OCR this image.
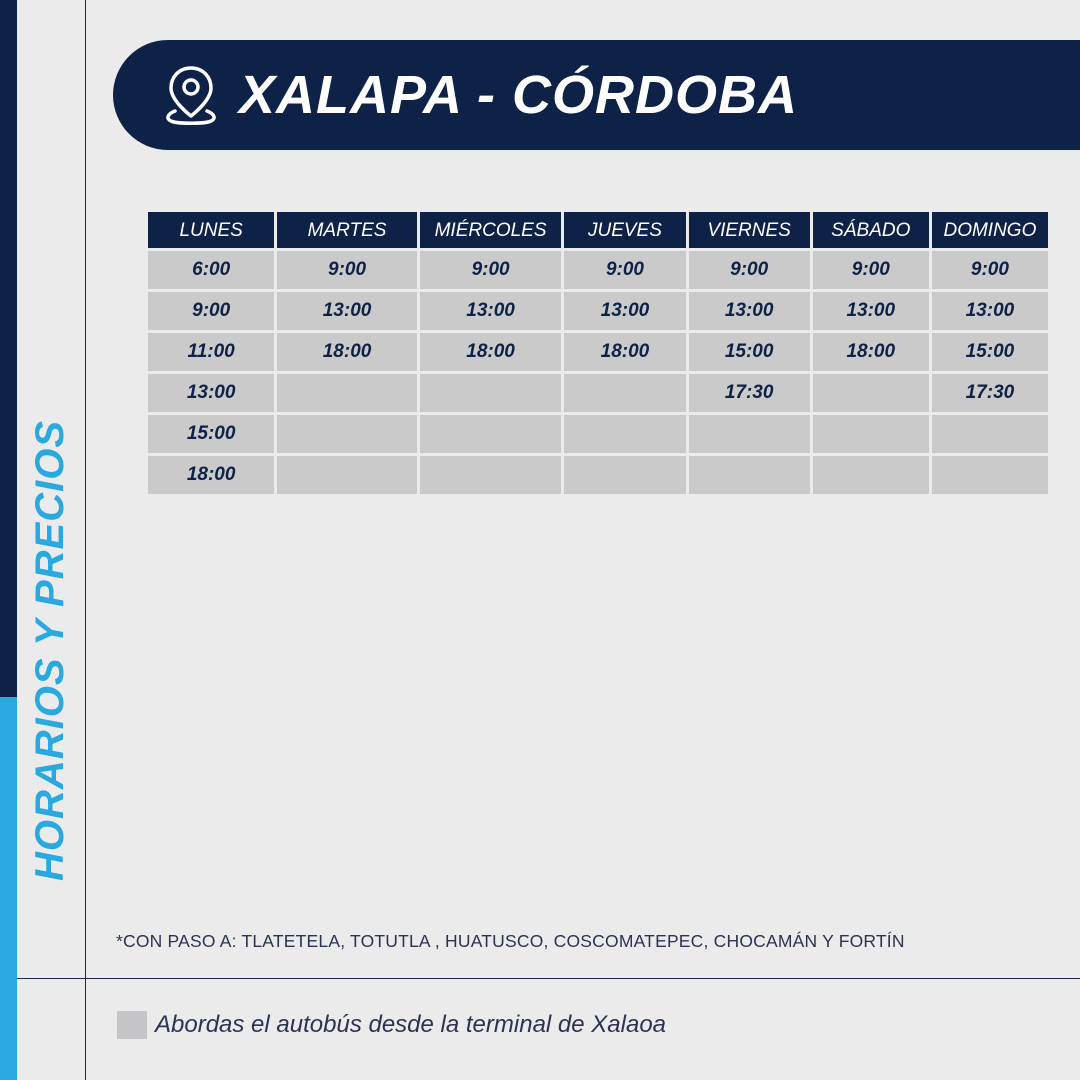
HORARIOS Y PRECIOS
XALAPA - CÓRDOBA
LUNES	MARTES	MIÉRCOLES	JUEVES	VIERNES	SÁBADO	DOMINGO
6:00	9:00	9:00	9:00	9:00	9:00	9:00
9:00	13:00	13:00	13:00	13:00	13:00	13:00
11:00	18:00	18:00	18:00	15:00	18:00	15:00
13:00				17:30		17:30
15:00						
18:00						
*CON PASO A: TLATETELA, TOTUTLA , HUATUSCO, COSCOMATEPEC, CHOCAMÁN Y FORTÍN
Abordas el autobús desde la terminal de Xalaoa
